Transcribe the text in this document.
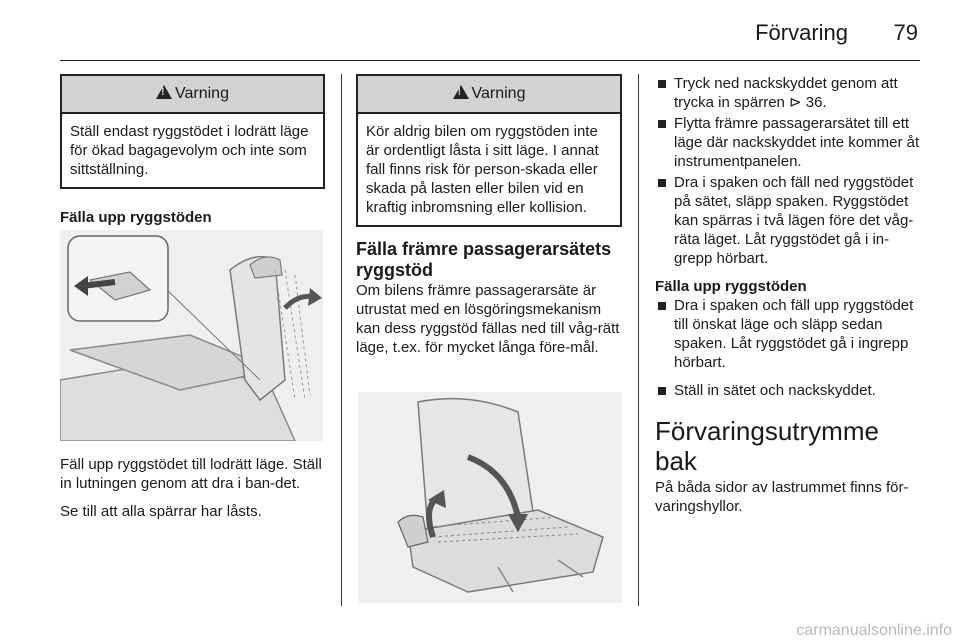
Förvaring 79
!Varning
Ställ endast ryggstödet i lodrätt läge för ökad bagagevolym och inte som sittställning.

Fälla upp ryggstöden

Fäll upp ryggstödet till lodrätt läge. Ställ in lutningen genom att dra i ban-det.

Se till att alla spärrar har låsts.

!Varning
Kör aldrig bilen om ryggstöden inte är ordentligt låsta i sitt läge. I annat fall finns risk för person-skada eller skada på lasten eller bilen vid en kraftig inbromsning eller kollision.

Fälla främre passagerarsätets ryggstöd

Om bilens främre passagerarsäte är utrustat med en lösgöringsmekanism kan dess ryggstöd fällas ned till våg-rätt läge, t.ex. för mycket långa före-mål.

Tryck ned nackskyddet genom att trycka in spärren ⊳ 36.
Flytta främre passagerarsätet till ett läge där nackskyddet inte kommer åt instrumentpanelen.
Dra i spaken och fäll ned ryggstödet på sätet, släpp spaken. Ryggstödet kan spärras i två lägen före det våg-räta läget. Låt ryggstödet gå i in-grepp hörbart.

Fälla upp ryggstöden

Dra i spaken och fäll upp ryggstödet till önskat läge och släpp sedan spaken. Låt ryggstödet gå i ingrepp hörbart.
Ställ in sätet och nackskyddet.

Förvaringsutrymme bak

På båda sidor av lastrummet finns för-varingshyllor.

carmanualsonline.info
